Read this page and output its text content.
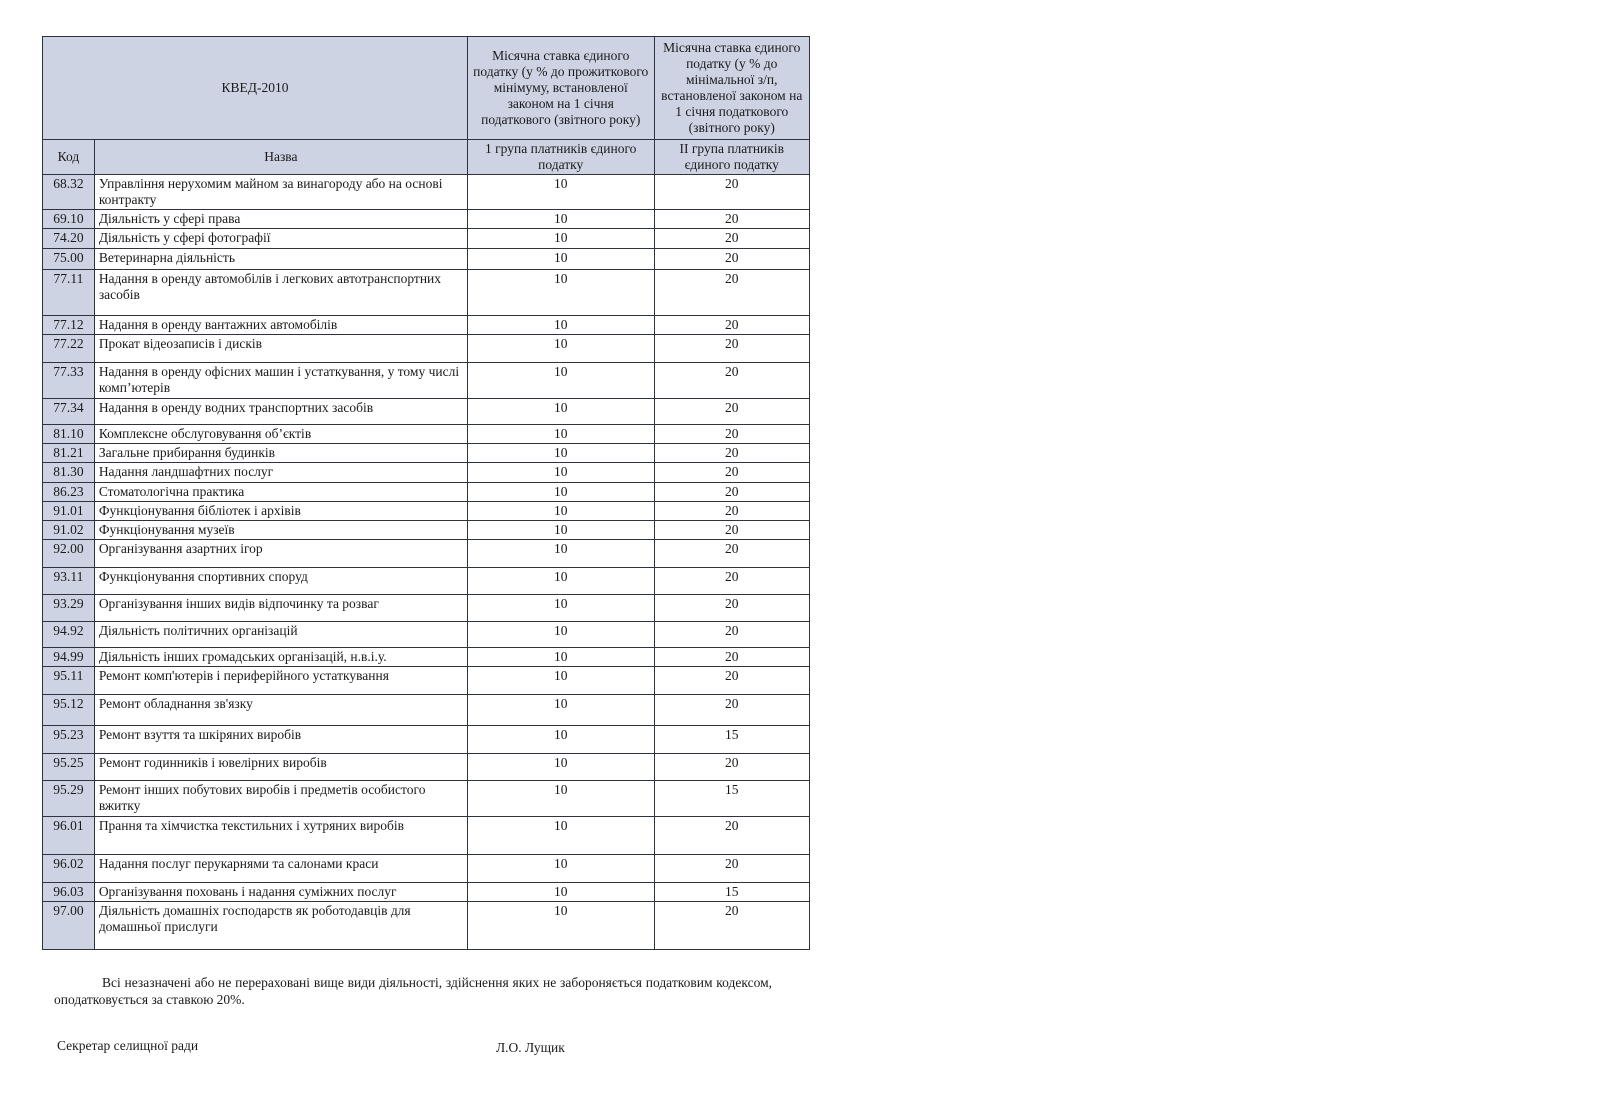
КВЕД-2010		Місячна ставка єдиного податку (у % до прожиткового мінімуму, встановленої законом на 1 січня податкового (звітного року)	Місячна ставка єдиного податку (у % до мінімальної з/п, встановленої законом на 1 січня податкового (звітного року)
Код	Назва	1 група платників єдиного податку	ІІ група платників єдиного податку
68.32	Управління нерухомим майном за винагороду або на основі контракту	10	20
69.10	Діяльність у сфері права	10	20
74.20	Діяльність у сфері фотографії	10	20
75.00	Ветеринарна діяльність	10	20
77.11	Надання в оренду автомобілів і легкових автотранспортних засобів	10	20
77.12	Надання в оренду вантажних автомобілів	10	20
77.22	Прокат відеозаписів і дисків	10	20
77.33	Надання в оренду офісних машин і устаткування, у тому числі комп’ютерів	10	20
77.34	Надання в оренду водних транспортних засобів	10	20
81.10	Комплексне обслуговування об’єктів	10	20
81.21	Загальне прибирання будинків	10	20
81.30	Надання ландшафтних послуг	10	20
86.23	Стоматологічна практика	10	20
91.01	Функціонування бібліотек і архівів	10	20
91.02	Функціонування музеїв	10	20
92.00	Організування азартних ігор	10	20
93.11	Функціонування спортивних споруд	10	20
93.29	Організування інших видів відпочинку та розваг	10	20
94.92	Діяльність політичних організацій	10	20
94.99	Діяльність інших громадських організацій, н.в.і.у.	10	20
95.11	Ремонт комп'ютерів і периферійного устаткування	10	20
95.12	Ремонт обладнання зв'язку	10	20
95.23	Ремонт взуття та шкіряних виробів	10	15
95.25	Ремонт годинників і ювелірних виробів	10	20
95.29	Ремонт інших побутових виробів і предметів особистого вжитку	10	15
96.01	Прання та хімчистка текстильних і хутряних виробів	10	20
96.02	Надання послуг перукарнями та салонами краси	10	20
96.03	Організування поховань і надання суміжних послуг	10	15
97.00	Діяльність домашніх господарств як роботодавців для домашньої прислуги	10	20
Всі незазначені або не перераховані вище види діяльності, здійснення яких не забороняється податковим кодексом, оподатковується за ставкою 20%.
Секретар селищної ради	Л.О. Лущик
